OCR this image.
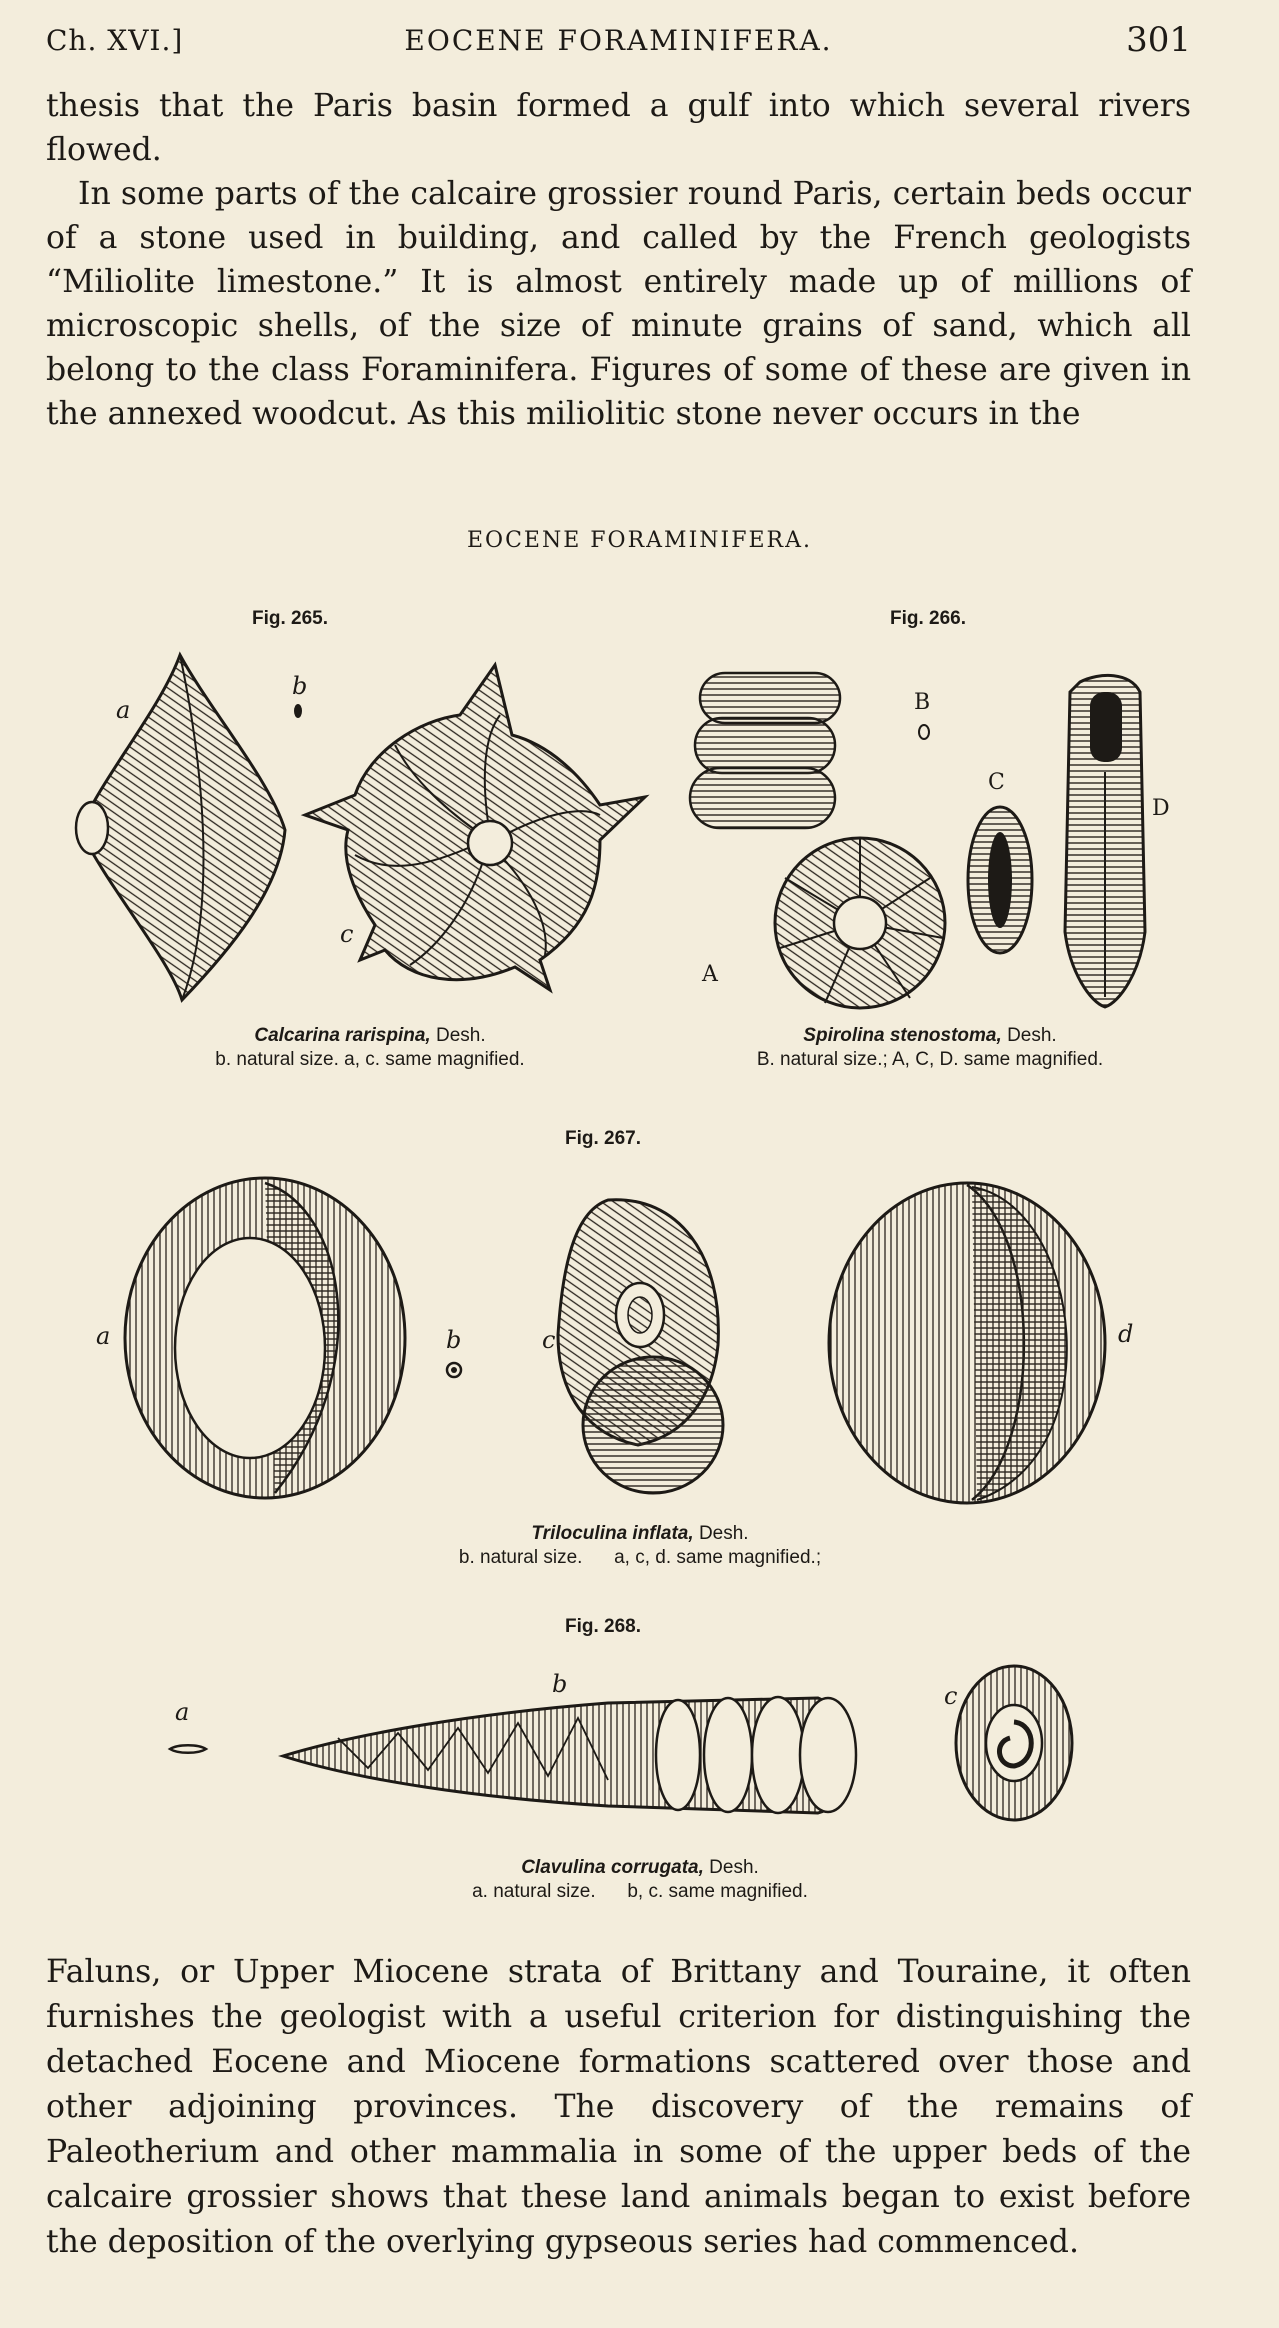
Ch. XVI.]	EOCENE FORAMINIFERA.	301

thesis that the Paris basin formed a gulf into which several rivers flowed.

In some parts of the calcaire grossier round Paris, certain beds occur of a stone used in building, and called by the French geologists “Miliolite limestone.” It is almost entirely made up of millions of microscopic shells, of the size of minute grains of sand, which all belong to the class Foraminifera. Figures of some of these are given in the annexed woodcut. As this miliolitic stone never occurs in the

EOCENE FORAMINIFERA.
Fig. 265.
a
b
c
Calcarina rarispina, Desh.
b. natural size. a, c. same magnified.
Fig. 266.
B
C
D
A
Spirolina stenostoma, Desh.
B. natural size.; A, C, D. same magnified.
Fig. 267.
a	b	c	d
Triloculina inflata, Desh.
b. natural size.      a, c, d. same magnified.;
Fig. 268.
a
b	c
Clavulina corrugata, Desh.
a. natural size.      b, c. same magnified.

Faluns, or Upper Miocene strata of Brittany and Touraine, it often furnishes the geologist with a useful criterion for distinguishing the detached Eocene and Miocene formations scattered over those and other adjoining provinces. The discovery of the remains of Paleotherium and other mammalia in some of the upper beds of the calcaire grossier shows that these land animals began to exist before the deposition of the overlying gypseous series had commenced.
